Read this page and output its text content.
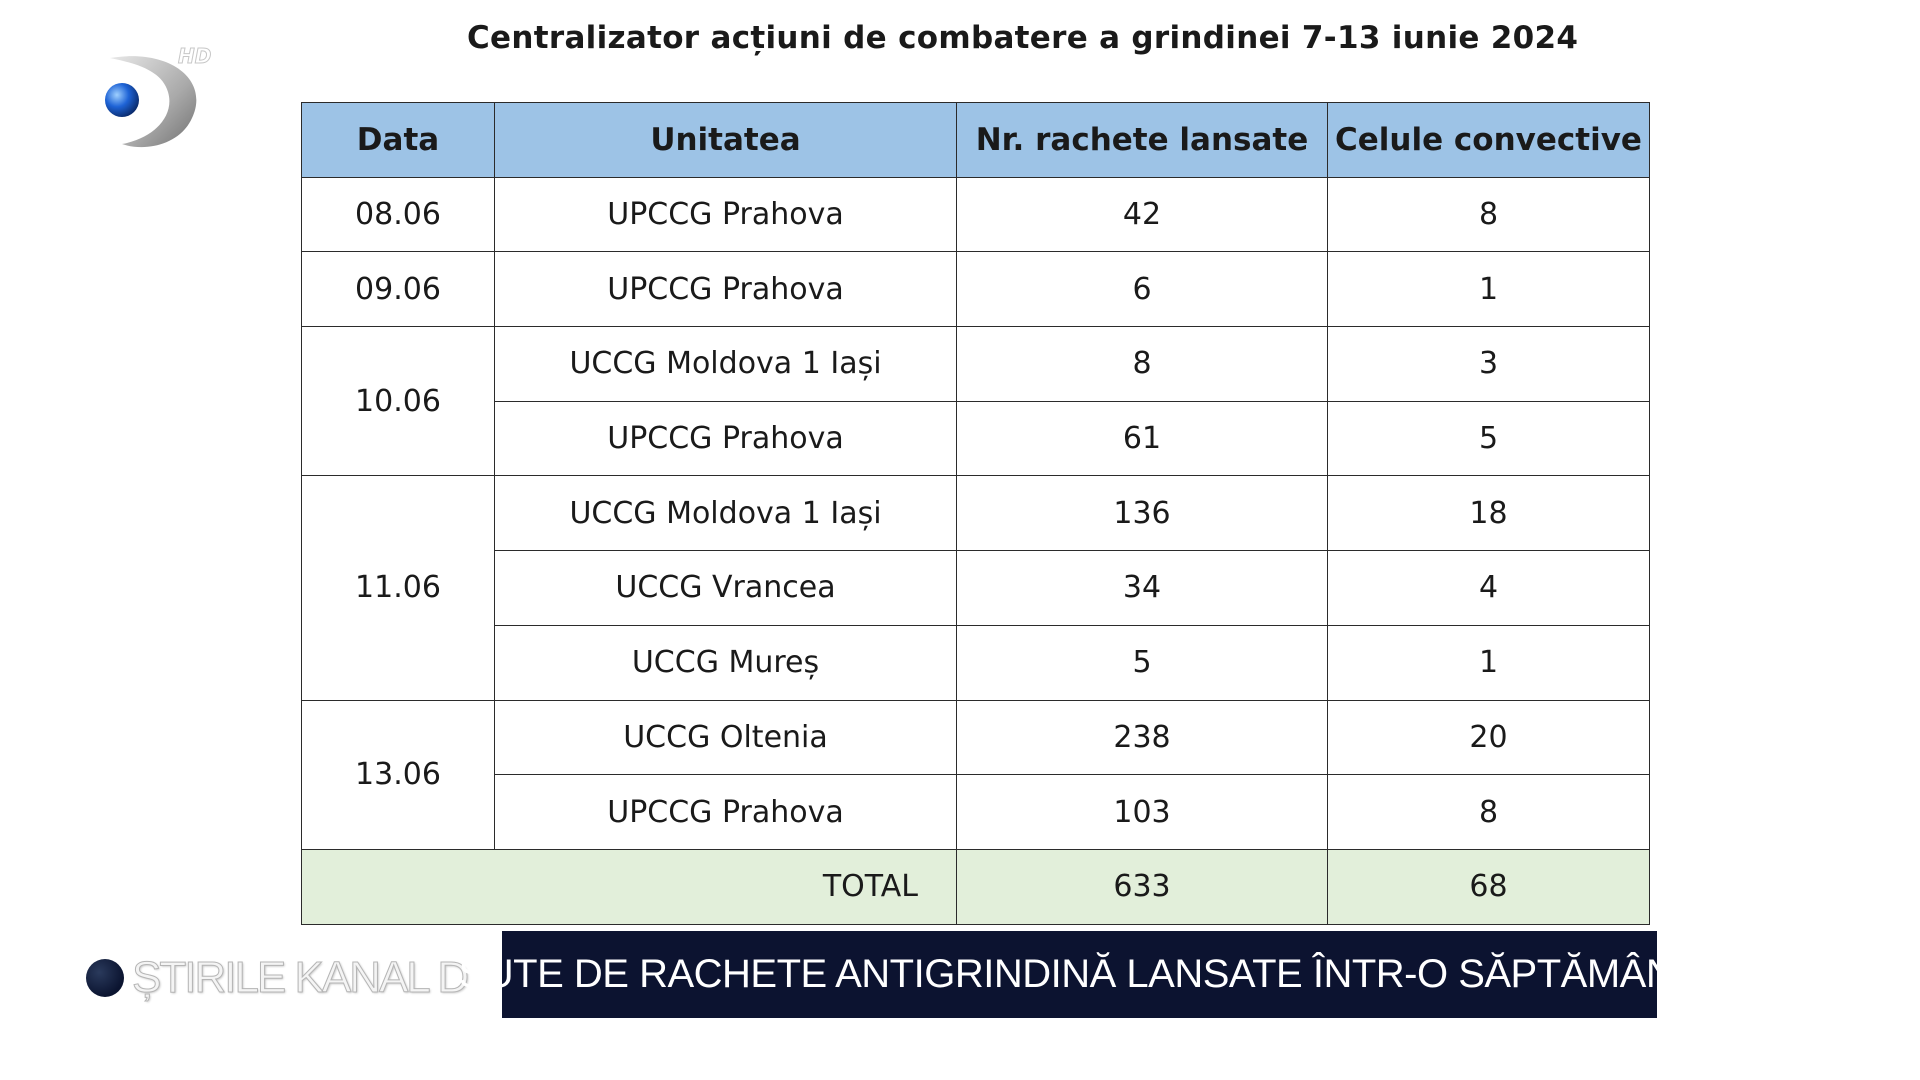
HD	Centralizator acțiuni de combatere a grindinei 7-13 iunie 2024
Data	Unitatea	Nr. rachete lansate	Celule convective
08.06	UPCCG Prahova	42	8
09.06	UPCCG Prahova	6	1
10.06	UCCG Moldova 1 Iași	8	3
	UPCCG Prahova	61	5
11.06	UCCG Moldova 1 Iași	136	18
	UCCG Vrancea	34	4
	UCCG Mureș	5	1
13.06	UCCG Oltenia	238	20
	UPCCG Prahova	103	8
TOTAL		633	68
ȘTIRILE KANAL D
SUTE DE RACHETE ANTIGRINDINĂ LANSATE ÎNTR-O SĂPTĂMÂNĂ
